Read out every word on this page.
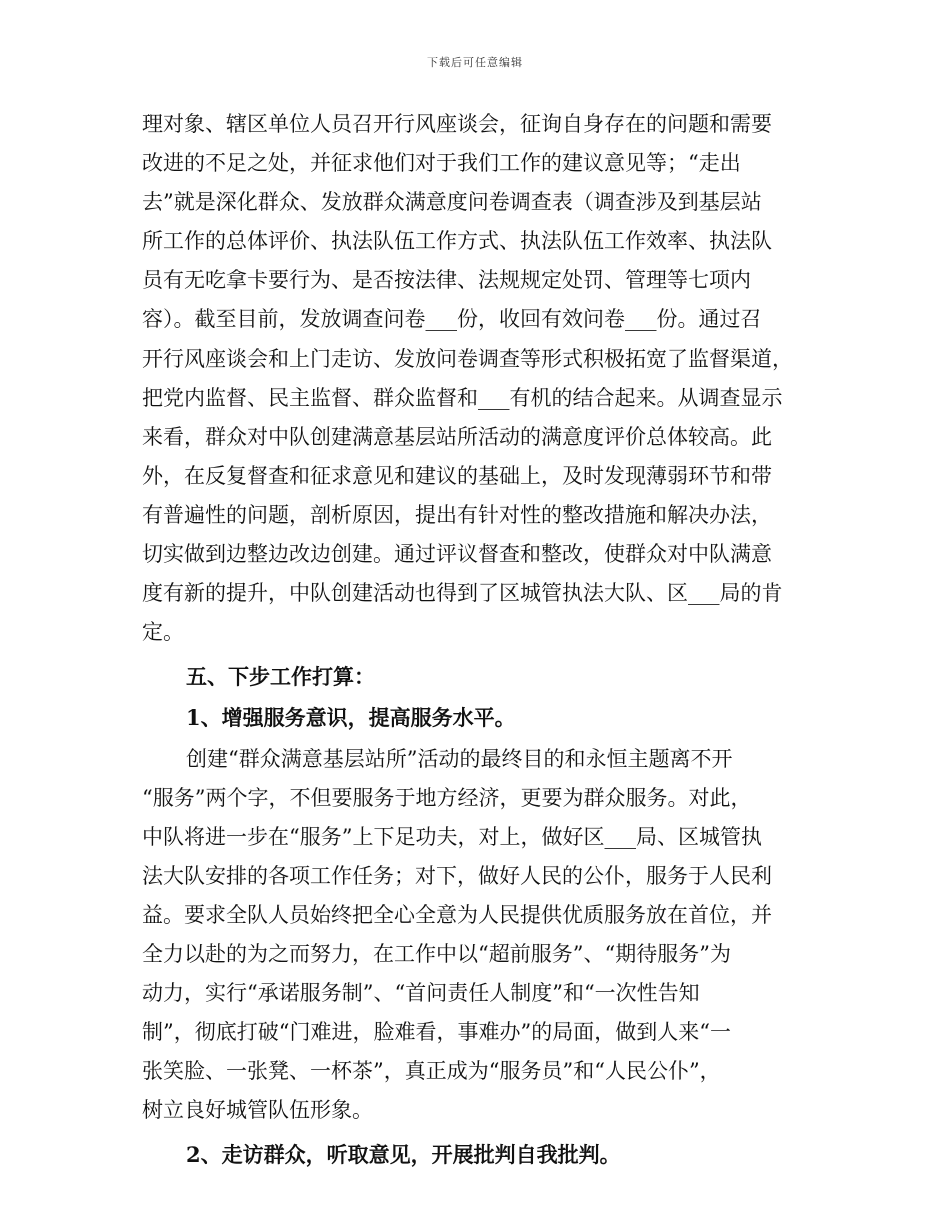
下载后可任意编辑

理对象、辖区单位人员召开行风座谈会，征询自身存在的问题和需要

改进的不足之处，并征求他们对于我们工作的建议意见等；“走出

去”就是深化群众、发放群众满意度问卷调查表（调查涉及到基层站

所工作的总体评价、执法队伍工作方式、执法队伍工作效率、执法队

员有无吃拿卡要行为、是否按法律、法规规定处罚、管理等七项内

容）。截至目前，发放调查问卷___份，收回有效问卷___份。通过召

开行风座谈会和上门走访、发放问卷调查等形式积极拓宽了监督渠道，

把党内监督、民主监督、群众监督和___有机的结合起来。从调查显示

来看，群众对中队创建满意基层站所活动的满意度评价总体较高。此

外，在反复督查和征求意见和建议的基础上，及时发现薄弱环节和带

有普遍性的问题，剖析原因，提出有针对性的整改措施和解决办法，

切实做到边整边改边创建。通过评议督查和整改，使群众对中队满意

度有新的提升，中队创建活动也得到了区城管执法大队、区___局的肯

定。

五、下步工作打算：

1、增强服务意识，提高服务水平。

创建“群众满意基层站所”活动的最终目的和永恒主题离不开

“服务”两个字，不但要服务于地方经济，更要为群众服务。对此，

中队将进一步在“服务”上下足功夫，对上，做好区___局、区城管执

法大队安排的各项工作任务；对下，做好人民的公仆，服务于人民利

益。要求全队人员始终把全心全意为人民提供优质服务放在首位，并

全力以赴的为之而努力，在工作中以“超前服务”、“期待服务”为

动力，实行“承诺服务制”、“首问责任人制度”和“一次性告知

制”，彻底打破“门难进，脸难看，事难办”的局面，做到人来“一

张笑脸、一张凳、一杯茶”，真正成为“服务员”和“人民公仆”，

树立良好城管队伍形象。

2、走访群众，听取意见，开展批判自我批判。
